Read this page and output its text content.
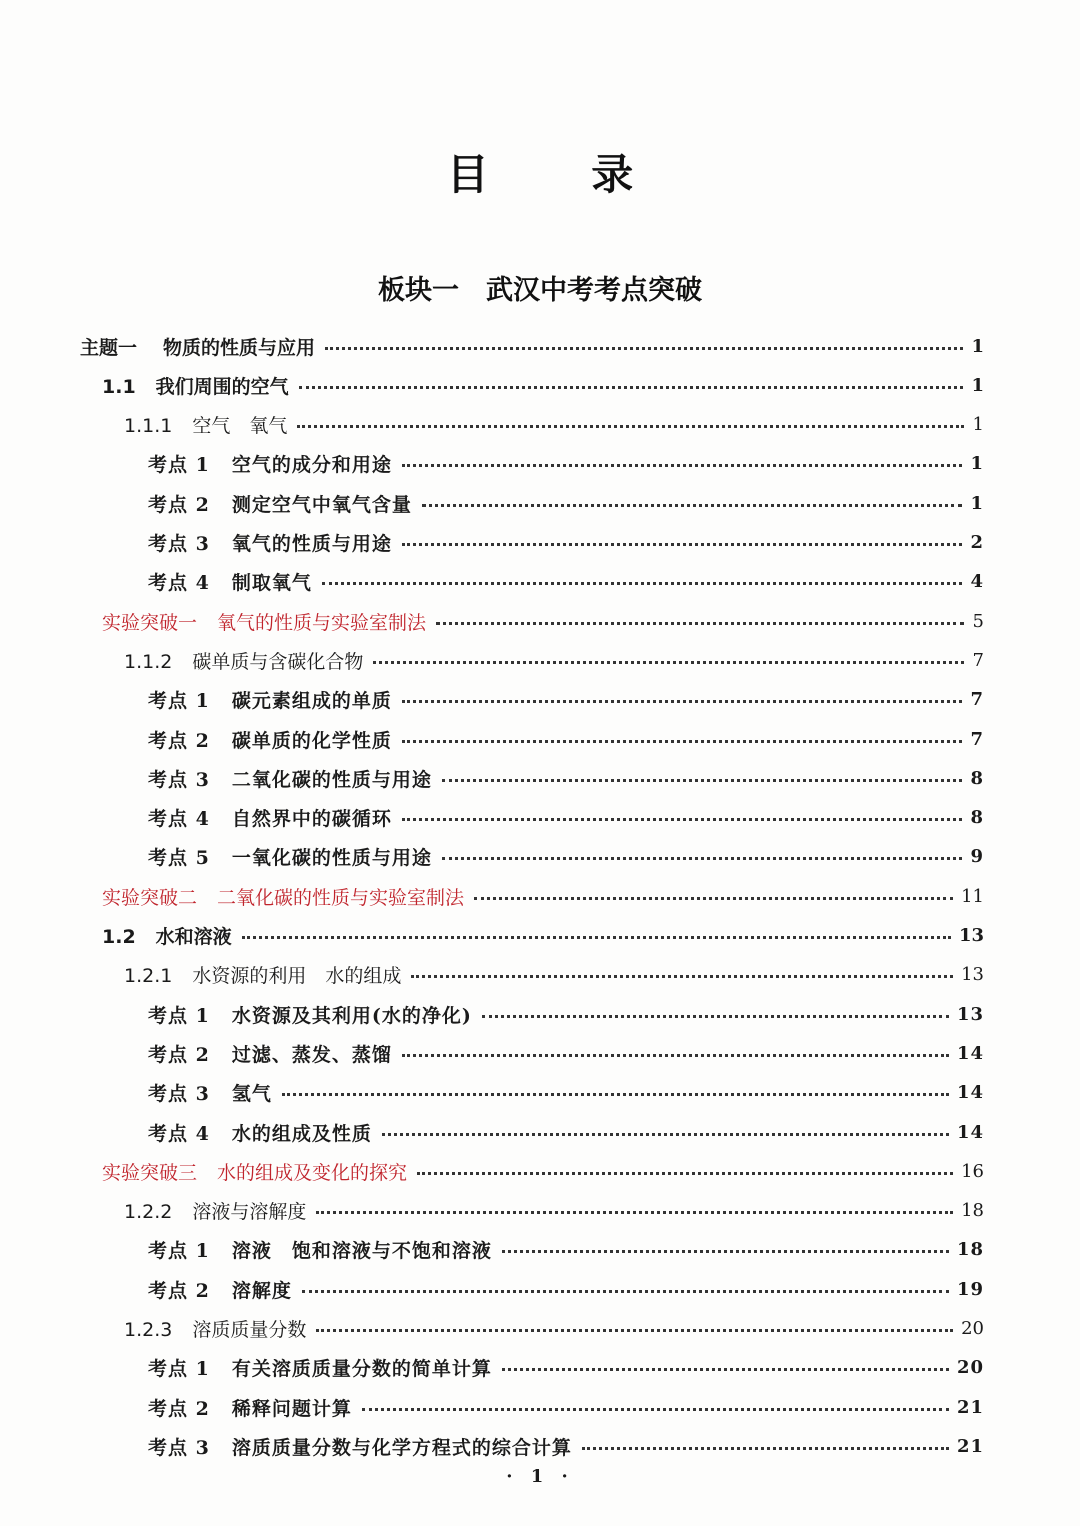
目 录
板块一　武汉中考考点突破
主题一 物质的性质与应用	1
1.1 我们周围的空气	1
1.1.1 空气　氧气	1
考点 1 空气的成分和用途	1
考点 2 测定空气中氧气含量	1
考点 3 氧气的性质与用途	2
考点 4 制取氧气	4
实验突破一 氧气的性质与实验室制法	5
1.1.2 碳单质与含碳化合物	7
考点 1 碳元素组成的单质	7
考点 2 碳单质的化学性质	7
考点 3 二氧化碳的性质与用途	8
考点 4 自然界中的碳循环	8
考点 5 一氧化碳的性质与用途	9
实验突破二 二氧化碳的性质与实验室制法	11
1.2 水和溶液	13
1.2.1 水资源的利用　水的组成	13
考点 1 水资源及其利用(水的净化)	13
考点 2 过滤、蒸发、蒸馏	14
考点 3 氢气	14
考点 4 水的组成及性质	14
实验突破三 水的组成及变化的探究	16
1.2.2 溶液与溶解度	18
考点 1 溶液　饱和溶液与不饱和溶液	18
考点 2 溶解度	19
1.2.3 溶质质量分数	20
考点 1 有关溶质质量分数的简单计算	20
考点 2 稀释问题计算	21
考点 3 溶质质量分数与化学方程式的综合计算	21
· 1 ·
